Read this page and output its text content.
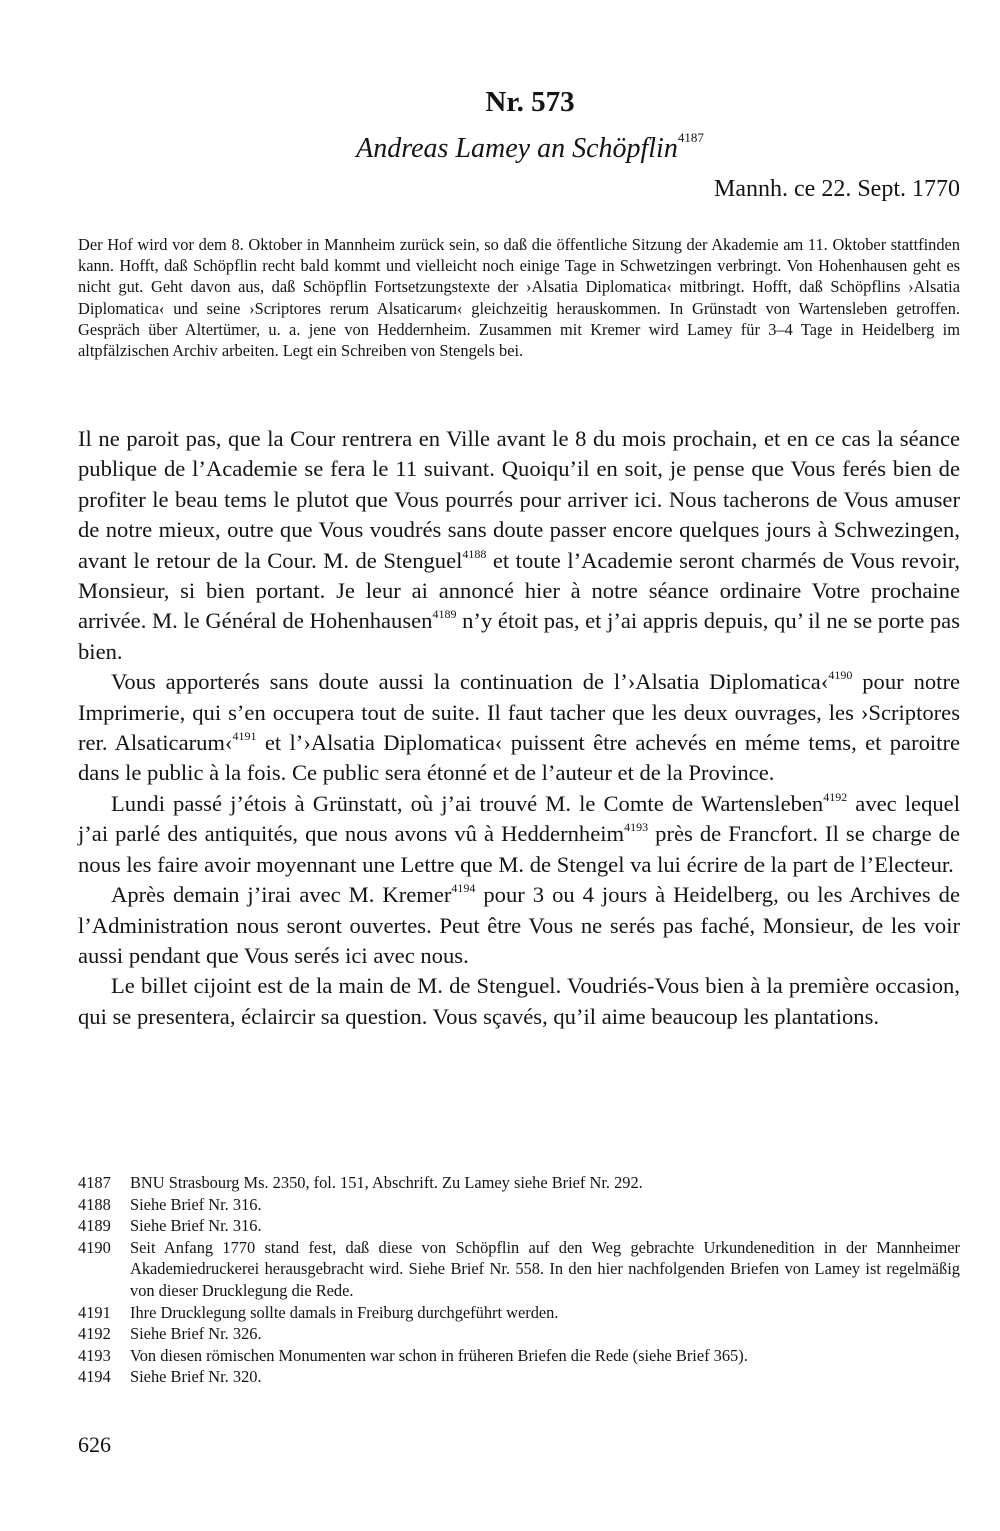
Nr. 573
Andreas Lamey an Schöpflin$^{4187}$
Mannh. ce 22. Sept. 1770
Der Hof wird vor dem 8. Oktober in Mannheim zurück sein, so daß die öffentliche Sitzung der Akademie am 11. Oktober stattfinden kann. Hofft, daß Schöpflin recht bald kommt und vielleicht noch einige Tage in Schwetzingen verbringt. Von Hohenhausen geht es nicht gut. Geht davon aus, daß Schöpflin Fortsetzungstexte der ›Alsatia Diplomatica‹ mitbringt. Hofft, daß Schöpflins ›Alsatia Diplomatica‹ und seine ›Scriptores rerum Alsaticarum‹ gleichzeitig herauskommen. In Grünstadt von Wartensleben getroffen. Gespräch über Altertümer, u. a. jene von Heddernheim. Zusammen mit Kremer wird Lamey für 3–4 Tage in Heidelberg im altpfälzischen Archiv arbeiten. Legt ein Schreiben von Stengels bei.

Il ne paroit pas, que la Cour rentrera en Ville avant le 8 du mois prochain, et en ce cas la séance publique de l’Academie se fera le 11 suivant. Quoiqu’il en soit, je pense que Vous ferés bien de profiter le beau tems le plutot que Vous pourrés pour arriver ici. Nous tacherons de Vous amuser de notre mieux, outre que Vous voudrés sans doute passer encore quelques jours à Schwezingen, avant le retour de la Cour. M. de Stenguel$^{4188}$ et toute l’Academie seront charmés de Vous revoir, Monsieur, si bien portant. Je leur ai annoncé hier à notre séance ordinaire Votre prochaine arrivée. M. le Général de Hohenhausen$^{4189}$ n’y étoit pas, et j’ai appris depuis, qu’ il ne se porte pas bien.

Vous apporterés sans doute aussi la continuation de l’›Alsatia Diplomatica‹$^{4190}$ pour notre Imprimerie, qui s’en occupera tout de suite. Il faut tacher que les deux ouvrages, les ›Scriptores rer. Alsaticarum‹$^{4191}$ et l’›Alsatia Diplomatica‹ puissent être achevés en méme tems, et paroitre dans le public à la fois. Ce public sera étonné et de l’auteur et de la Province.

Lundi passé j’étois à Grünstatt, où j’ai trouvé M. le Comte de Wartensleben$^{4192}$ avec lequel j’ai parlé des antiquités, que nous avons vû à Heddernheim$^{4193}$ près de Francfort. Il se charge de nous les faire avoir moyennant une Lettre que M. de Stengel va lui écrire de la part de l’Electeur.

Après demain j’irai avec M. Kremer$^{4194}$ pour 3 ou 4 jours à Heidelberg, ou les Archives de l’Administration nous seront ouvertes. Peut être Vous ne serés pas faché, Monsieur, de les voir aussi pendant que Vous serés ici avec nous.

Le billet cijoint est de la main de M. de Stenguel. Voudriés-Vous bien à la première occasion, qui se presentera, éclaircir sa question. Vous sçavés, qu’il aime beaucoup les plantations.

4187	BNU Strasbourg Ms. 2350, fol. 151, Abschrift. Zu Lamey siehe Brief Nr. 292.
4188	Siehe Brief Nr. 316.
4189	Siehe Brief Nr. 316.
4190	Seit Anfang 1770 stand fest, daß diese von Schöpflin auf den Weg gebrachte Urkundenedition in der Mannheimer Akademiedruckerei herausgebracht wird. Siehe Brief Nr. 558. In den hier nachfolgenden Briefen von Lamey ist regelmäßig von dieser Drucklegung die Rede.
4191	Ihre Drucklegung sollte damals in Freiburg durchgeführt werden.
4192	Siehe Brief Nr. 326.
4193	Von diesen römischen Monumenten war schon in früheren Briefen die Rede (siehe Brief 365).
4194	Siehe Brief Nr. 320.
626
